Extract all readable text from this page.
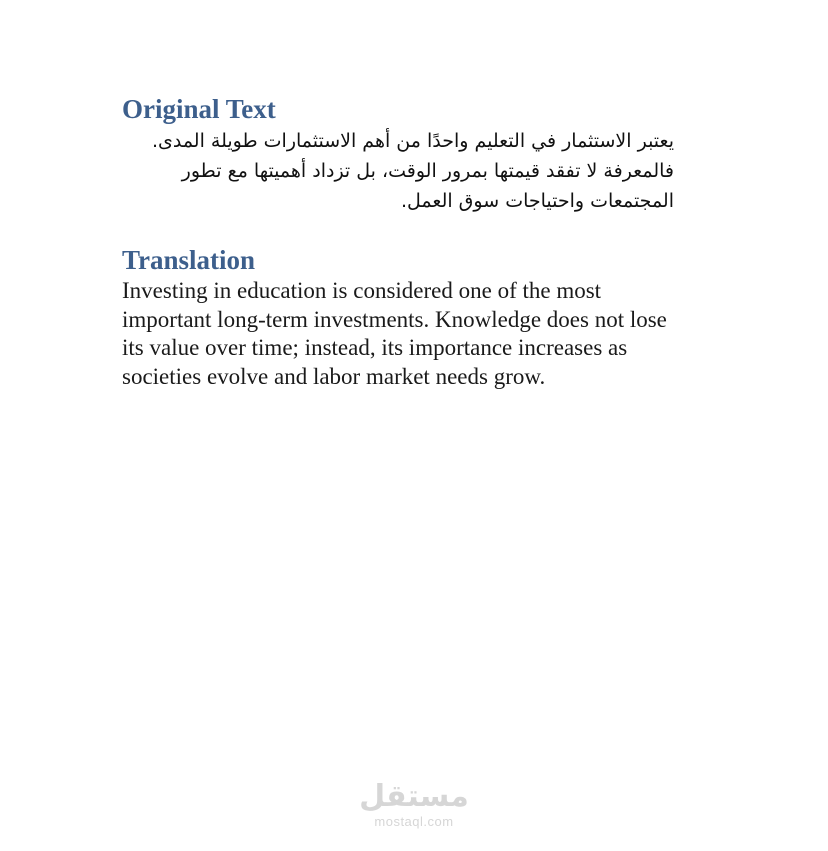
Original Text
يعتبر الاستثمار في التعليم واحدًا من أهم الاستثمارات طويلة المدى.
فالمعرفة لا تفقد قيمتها بمرور الوقت، بل تزداد أهميتها مع تطور
المجتمعات واحتياجات سوق العمل.
Translation
Investing in education is considered one of the most
important long-term investments. Knowledge does not lose
its value over time; instead, its importance increases as
societies evolve and labor market needs grow.
مستقل
mostaql.com
